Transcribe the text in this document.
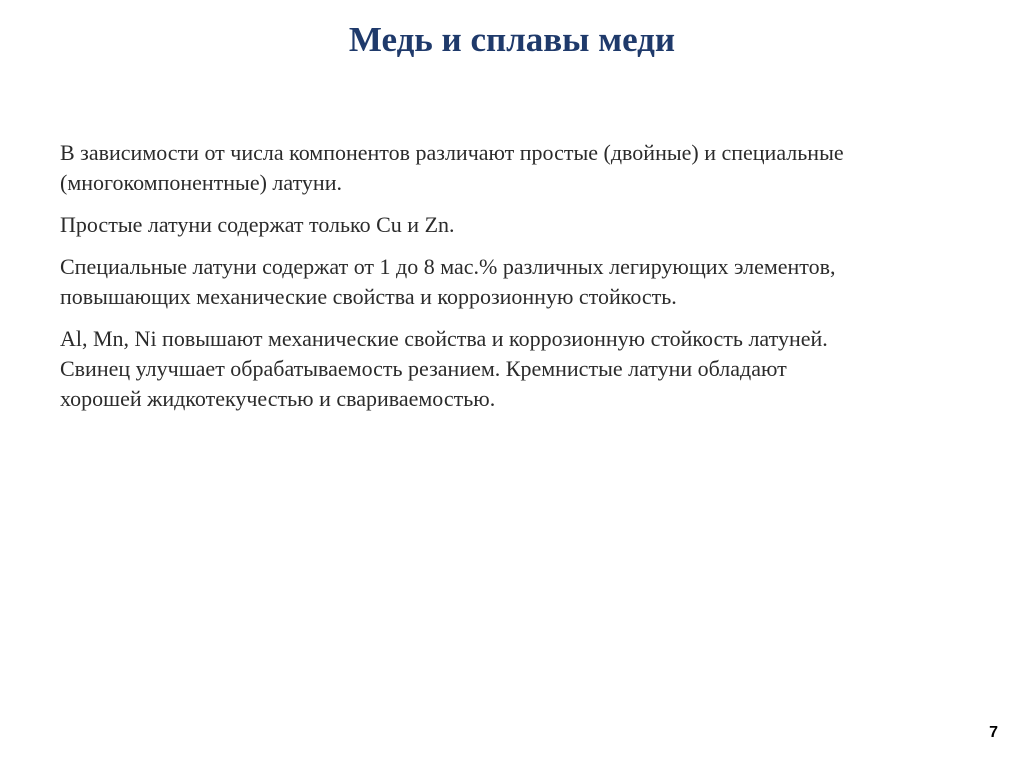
Медь и сплавы меди

В зависимости от числа компонентов различают простые (двойные) и специальные
(многокомпонентные) латуни.

Простые латуни содержат только Cu и Zn.

Специальные латуни содержат от 1 до 8 мас.% различных легирующих элементов,
повышающих механические свойства и коррозионную стойкость.

Al, Mn, Ni повышают механические свойства и коррозионную стойкость латуней.
Свинец улучшает обрабатываемость резанием. Кремнистые латуни обладают
хорошей жидкотекучестью и свариваемостью.

7
